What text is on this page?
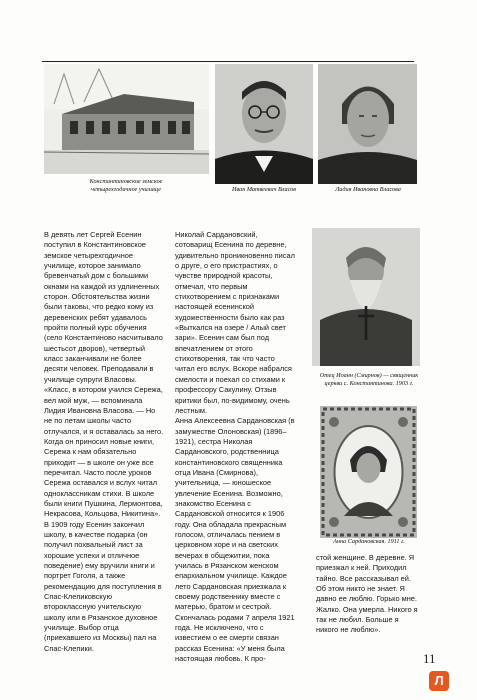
Константиновское земское четырехгодичное училище	Иван Матвеевич Власов	Лидия Ивановна Власова
Отец Иоанн (Смирнов) — священник церкви с. Константинова. 1903 г.
Анна Сардановская. 1911 г.

В девять лет Сергей Есенин поступил в Константиновское земское четырехгодичное училище, которое занимало бревенчатый дом с большими окнами на каждой из удлиненных сторон. Обстоятельства жизни были таковы, что редко кому из деревенских ребят удавалось пройти полный курс обучения (село Константиново насчитывало шестьсот дворов), четвертый класс заканчивали не более десяти человек. Преподавали в училище супруги Власовы. «Класс, в котором учился Сережа, вел мой муж, — вспоминала Лидия Ивановна Власова. — Но не по летам школы часто отлучался, и я оставалась за него. Когда он приносил новые книги, Сережа к нам обязательно приходит — в школе он уже все перечитал. Часто после уроков Сережа оставался и вслух читал одноклассникам стихи. В школе были книги Пушкина, Лермонтова, Некрасова, Кольцова, Никитина». В 1909 году Есенин закончил школу, в качестве подарка (он получил похвальный лист за хорошие успехи и отличное поведение) ему вручили книги и портрет Гоголя, а также рекомендацию для поступления в Спас-Клепиковскую второклассную учительскую школу или в Рязанское духовное училище. Выбор отца (приехавшего из Москвы) пал на Спас-Клепики.

Николай Сардановский, сотоварищ Есенина по деревне, удивительно проникновенно писал о друге, о его пристрастиях, о чувстве природной красоты, отмечал, что первым стихотворением с признаками настоящей есенинской художественности было как раз «Выткался на озере / Алый свет зари». Есенин сам был под впечатлением от этого стихотворения, так что часто читал его вслух. Вскоре набрался смелости и поехал со стихами к профессору Сакулину. Отзыв критики был, по-видимому, очень лестным.

Анна Алексеевна Сардановская (в замужестве Олоновская) (1896–1921), сестра Николая Сардановского, родственница константиновского священника отца Ивана (Смирнова), учительница, — юношеское увлечение Есенина. Возможно, знакомство Есенина с Сардановской относится к 1906 году. Она обладала прекрасным голосом, отличалась пением в церковном хоре и на светских вечерах в общежитии, пока училась в Рязанском женском епархиальном училище. Каждое лето Сардановская приезжала к своему родственнику вместе с матерью, братом и сестрой. Скончалась родами 7 апреля 1921 года. Не исключено, что с известием о ее смерти связан рассказ Есенина: «У меня была настоящая любовь. К про-

стой женщине. В деревне. Я приезжал к ней. Приходил тайно. Все рассказывал ей. Об этом никто не знает. Я давно ее люблю. Горько мне. Жалко. Она умерла. Никого я так не любил. Больше я никого не люблю».

11
Л
